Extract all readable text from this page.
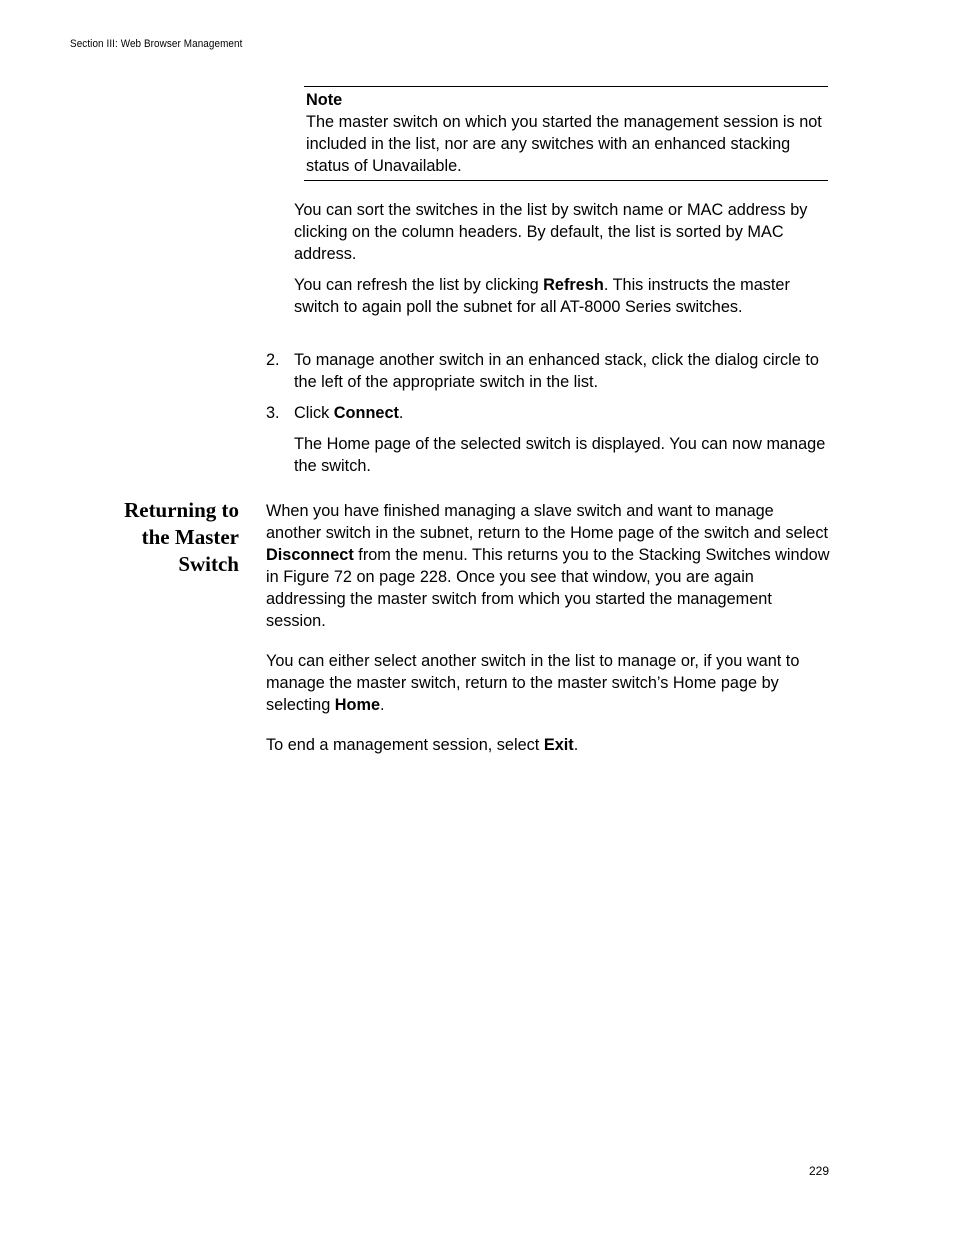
Section III: Web Browser Management
Note
The master switch on which you started the management session is not included in the list, nor are any switches with an enhanced stacking status of Unavailable.

You can sort the switches in the list by switch name or MAC address by clicking on the column headers. By default, the list is sorted by MAC address.

You can refresh the list by clicking Refresh. This instructs the master switch to again poll the subnet for all AT-8000 Series switches.

2. To manage another switch in an enhanced stack, click the dialog circle to the left of the appropriate switch in the list.

3. Click Connect.

The Home page of the selected switch is displayed. You can now manage the switch.

Returning to
the Master
Switch

When you have finished managing a slave switch and want to manage another switch in the subnet, return to the Home page of the switch and select Disconnect from the menu. This returns you to the Stacking Switches window in Figure 72 on page 228. Once you see that window, you are again addressing the master switch from which you started the management session.

You can either select another switch in the list to manage or, if you want to manage the master switch, return to the master switch’s Home page by selecting Home.

To end a management session, select Exit.

229
